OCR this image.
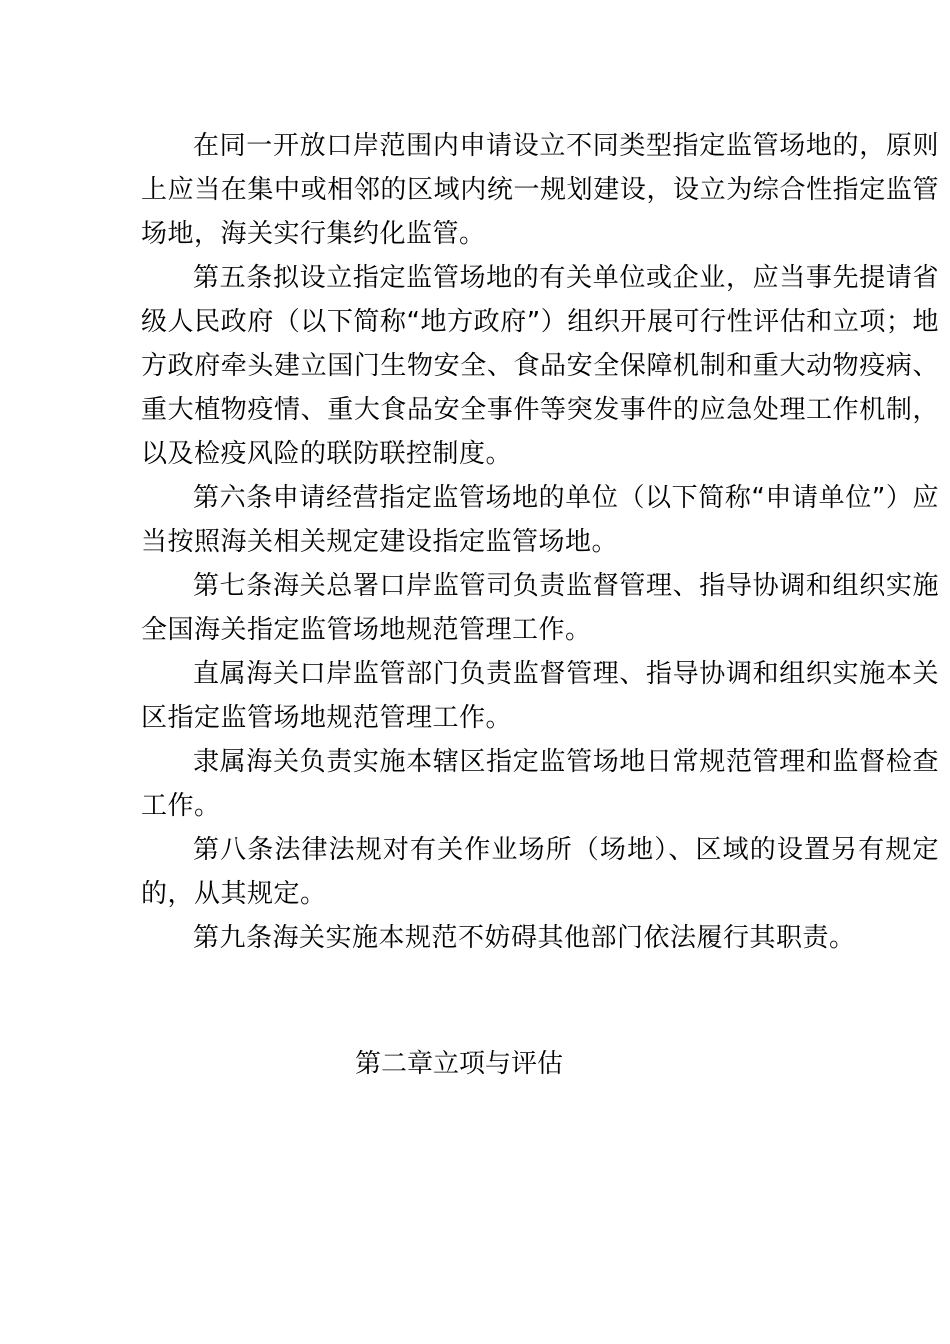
在同一开放口岸范围内申请设立不同类型指定监管场地的，原则上应当在集中或相邻的区域内统一规划建设，设立为综合性指定监管场地，海关实行集约化监管。

第五条拟设立指定监管场地的有关单位或企业，应当事先提请省级人民政府（以下简称“地方政府”）组织开展可行性评估和立项；地方政府牵头建立国门生物安全、食品安全保障机制和重大动物疫病、重大植物疫情、重大食品安全事件等突发事件的应急处理工作机制，以及检疫风险的联防联控制度。

第六条申请经营指定监管场地的单位（以下简称“申请单位”）应当按照海关相关规定建设指定监管场地。

第七条海关总署口岸监管司负责监督管理、指导协调和组织实施全国海关指定监管场地规范管理工作。

直属海关口岸监管部门负责监督管理、指导协调和组织实施本关区指定监管场地规范管理工作。

隶属海关负责实施本辖区指定监管场地日常规范管理和监督检查工作。

第八条法律法规对有关作业场所（场地）、区域的设置另有规定的，从其规定。

第九条海关实施本规范不妨碍其他部门依法履行其职责。

第二章立项与评估
